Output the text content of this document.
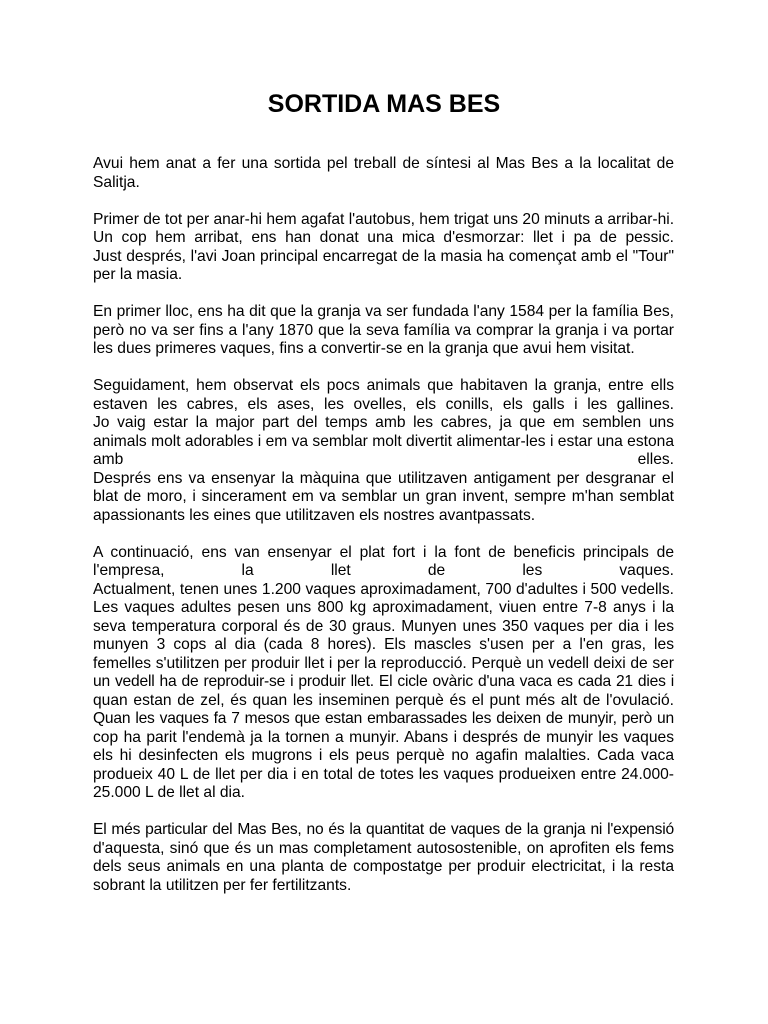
SORTIDA MAS BES
Avui hem anat a fer una sortida pel treball de síntesi al Mas Bes a la localitat de
Salitja.
Primer de tot per anar-hi hem agafat l'autobus, hem trigat uns 20 minuts a arribar-hi.
Un cop hem arribat, ens han donat una mica d'esmorzar: llet i pa de pessic.
Just després, l'avi Joan principal encarregat de la masia ha començat amb el "Tour"
per la masia.
En primer lloc, ens ha dit que la granja va ser fundada l'any 1584 per la família Bes,
però no va ser fins a l'any 1870 que la seva família va comprar la granja i va portar
les dues primeres vaques, fins a convertir-se en la granja que avui hem visitat.
Seguidament, hem observat els pocs animals que habitaven la granja, entre ells
estaven les cabres, els ases, les ovelles, els conills, els galls i les gallines.
Jo vaig estar la major part del temps amb les cabres, ja que em semblen uns
animals molt adorables i em va semblar molt divertit alimentar-les i estar una estona
amb elles.
Després ens va ensenyar la màquina que utilitzaven antigament per desgranar el
blat de moro, i sincerament em va semblar un gran invent, sempre m'han semblat
apassionants les eines que utilitzaven els nostres avantpassats.
A continuació, ens van ensenyar el plat fort i la font de beneficis principals de
l'empresa, la llet de les vaques.
Actualment, tenen unes 1.200 vaques aproximadament, 700 d'adultes i 500 vedells.
Les vaques adultes pesen uns 800 kg aproximadament, viuen entre 7-8 anys i la
seva temperatura corporal és de 30 graus. Munyen unes 350 vaques per dia i les
munyen 3 cops al dia (cada 8 hores). Els mascles s'usen per a l'en gras, les
femelles s'utilitzen per produir llet i per la reproducció. Perquè un vedell deixi de ser
un vedell ha de reproduir-se i produir llet. El cicle ovàric d'una vaca es cada 21 dies i
quan estan de zel, és quan les inseminen perquè és el punt més alt de l'ovulació.
Quan les vaques fa 7 mesos que estan embarassades les deixen de munyir, però un
cop ha parit l'endemà ja la tornen a munyir. Abans i després de munyir les vaques
els hi desinfecten els mugrons i els peus perquè no agafin malalties. Cada vaca
produeix 40 L de llet per dia i en total de totes les vaques produeixen entre 24.000-
25.000 L de llet al dia.
El més particular del Mas Bes, no és la quantitat de vaques de la granja ni l'expensió
d'aquesta, sinó que és un mas completament autosostenible, on aprofiten els fems
dels seus animals en una planta de compostatge per produir electricitat, i la resta
sobrant la utilitzen per fer fertilitzants.
